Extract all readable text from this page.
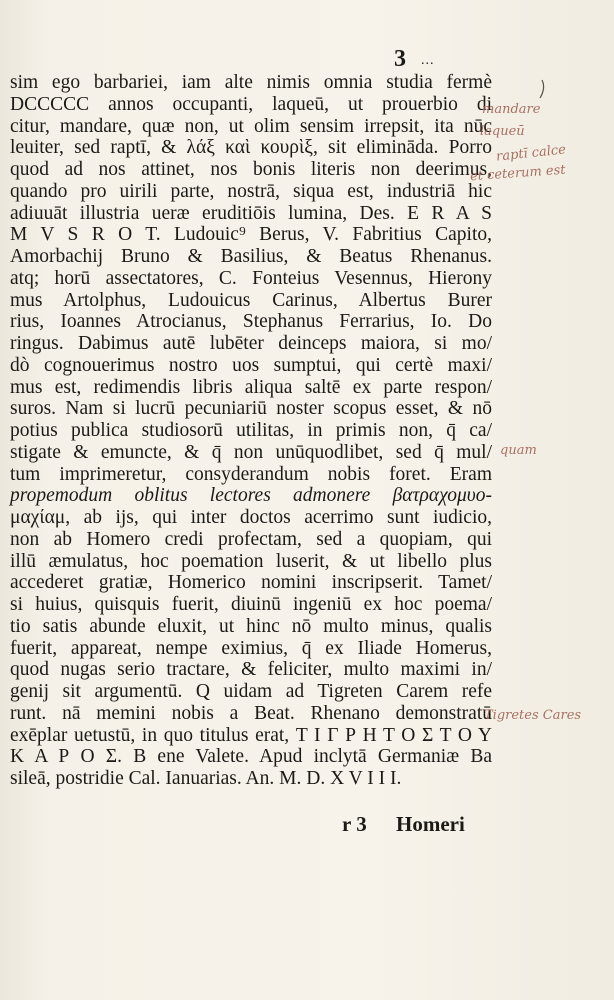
3 ...
sim ego barbariei, iam alte nimis omnia studia fermè
DCCCCC annos occupanti, laqueū, ut prouerbio di
citur, mandare, quæ non, ut olim sensim irrepsit, ita nūc
leuiter, sed raptī, & λάξ καὶ κουρὶξ, sit elimināda. Porro
quod ad nos attinet, nos bonis literis non deerimus,
quando pro uirili parte, nostrā, siqua est, industriā hic
adiuuāt illustria ueræ eruditiōis lumina, Des. E R A S
M V S R O T. Ludouic⁹ Berus, V. Fabritius Capito,
Amorbachij Bruno & Basilius, & Beatus Rhenanus.
atq; horū assectatores, C. Fonteius Vesennus, Hierony
mus Artolphus, Ludouicus Carinus, Albertus Burer
rius, Ioannes Atrocianus, Stephanus Ferrarius, Io. Do
ringus. Dabimus autē lubēter deinceps maiora, si mo/
dò cognouerimus nostro uos sumptui, qui certè maxi/
mus est, redimendis libris aliqua saltē ex parte respon/
suros. Nam si lucrū pecuniariū noster scopus esset, & nō
potius publica studiosorū utilitas, in primis non, q̄ ca/
stigate & emuncte, & q̄ non unūquodlibet, sed q̄ mul/
tum imprimeretur, consyderandum nobis foret. Eram
propemodum oblitus lectores admonere βατραχομυο-
μαχίαμ, ab ijs, qui inter doctos acerrimo sunt iudicio,
non ab Homero credi profectam, sed a quopiam, qui
illū æmulatus, hoc poemation luserit, & ut libello plus
accederet gratiæ, Homerico nomini inscripserit. Tamet/
si huius, quisquis fuerit, diuinū ingeniū ex hoc poema/
tio satis abunde eluxit, ut hinc nō multo minus, qualis
fuerit, appareat, nempe eximius, q̄ ex Iliade Homerus,
quod nugas serio tractare, & feliciter, multo maximi in/
genij sit argumentū. Q uidam ad Tigreten Carem refe
runt. nā memini nobis a Beat. Rhenano demonstratū
exēplar uetustū, in quo titulus erat, Τ Ι Γ Ρ Η Τ Ο Σ Τ Ο Υ
Κ Α Ρ Ο Σ. B ene Valete. Apud inclytā Germaniæ Ba
sileā, postridie Cal. Ianuarias. An. M. D. X V I I I.
mandare
laqueū
raptī calce
et ceterum est
quam
Tigretes Cares
r 3 Homeri
